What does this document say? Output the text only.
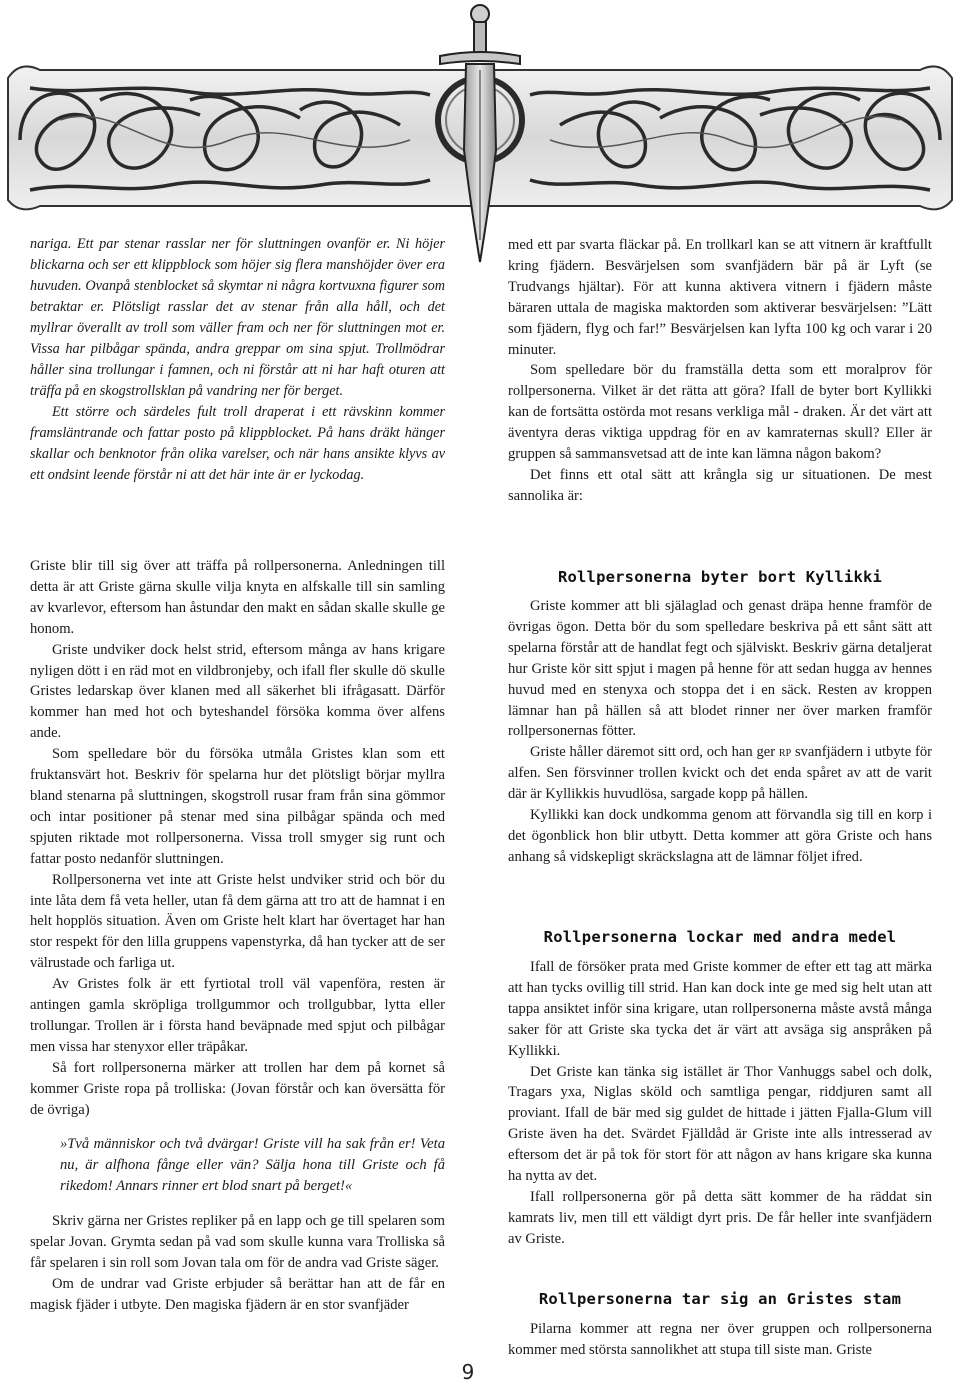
nariga. Ett par stenar rasslar ner för sluttningen ovanför er. Ni höjer blickarna och ser ett klippblock som höjer sig flera manshöjder över era huvuden. Ovanpå stenblocket så skymtar ni några kortvuxna figurer som betraktar er. Plötsligt rasslar det av stenar från alla håll, och det myllrar överallt av troll som väller fram och ner för sluttningen mot er. Vissa har pilbågar spända, andra greppar om sina spjut. Trollmödrar håller sina trollungar i famnen, och ni förstår att ni har haft oturen att träffa på en skogstrollsklan på vandring ner för berget.

Ett större och särdeles fult troll draperat i ett rävskinn kommer framsläntrande och fattar posto på klippblocket. På hans dräkt hänger skallar och benknotor från olika varelser, och när hans ansikte klyvs av ett ondsint leende förstår ni att det här inte är er lyckodag.

Griste blir till sig över att träffa på rollpersonerna. Anledningen till detta är att Griste gärna skulle vilja knyta en alfskalle till sin samling av kvarlevor, eftersom han åstundar den makt en sådan skalle skulle ge honom.

Griste undviker dock helst strid, eftersom många av hans krigare nyligen dött i en räd mot en vildbronjeby, och ifall fler skulle dö skulle Gristes ledarskap över klanen med all säkerhet bli ifrågasatt. Därför kommer han med hot och byteshandel försöka komma över alfens ande.

Som spelledare bör du försöka utmåla Gristes klan som ett fruktansvärt hot. Beskriv för spelarna hur det plötsligt börjar myllra bland stenarna på sluttningen, skogstroll rusar fram från sina gömmor och intar positioner på stenar med sina pilbågar spända och med spjuten riktade mot rollpersonerna. Vissa troll smyger sig runt och fattar posto nedanför sluttningen.

Rollpersonerna vet inte att Griste helst undviker strid och bör du inte låta dem få veta heller, utan få dem gärna att tro att de hamnat i en helt hopplös situation. Även om Griste helt klart har övertaget har han stor respekt för den lilla gruppens vapenstyrka, då han tycker att de ser välrustade och farliga ut.

Av Gristes folk är ett fyrtiotal troll väl vapenföra, resten är antingen gamla skröpliga trollgummor och trollgubbar, lytta eller trollungar. Trollen är i första hand beväpnade med spjut och pilbågar men vissa har stenyxor eller träpåkar.

Så fort rollpersonerna märker att trollen har dem på kornet så kommer Griste ropa på trolliska: (Jovan förstår och kan översätta för de övriga)

»Två människor och två dvärgar! Griste vill ha sak från er! Veta nu, är alfhona fånge eller vän? Sälja hona till Griste och få rikedom! Annars rinner ert blod snart på berget!«

Skriv gärna ner Gristes repliker på en lapp och ge till spelaren som spelar Jovan. Grymta sedan på vad som skulle kunna vara Trolliska så får spelaren i sin roll som Jovan tala om för de andra vad Griste säger.

Om de undrar vad Griste erbjuder så berättar han att de får en magisk fjäder i utbyte. Den magiska fjädern är en stor svanfjäder

med ett par svarta fläckar på. En trollkarl kan se att vitnern är kraftfullt kring fjädern. Besvärjelsen som svanfjädern bär på är Lyft (se Trudvangs hjältar). För att kunna aktivera vitnern i fjädern måste bäraren uttala de magiska maktorden som aktiverar besvärjelsen: ”Lätt som fjädern, flyg och far!” Besvärjelsen kan lyfta 100 kg och varar i 20 minuter.

Som spelledare bör du framställa detta som ett moralprov för rollpersonerna. Vilket är det rätta att göra? Ifall de byter bort Kyllikki kan de fortsätta ostörda mot resans verkliga mål - draken. Är det värt att äventyra deras viktiga uppdrag för en av kamraternas skull? Eller är gruppen så sammansvetsad att de inte kan lämna någon bakom?

Det finns ett otal sätt att krångla sig ur situationen. De mest sannolika är:

Rollpersonerna byter bort Kyllikki

Griste kommer att bli själaglad och genast dräpa henne framför de övrigas ögon. Detta bör du som spelledare beskriva på ett sånt sätt att spelarna förstår att de handlat fegt och själviskt. Beskriv gärna detaljerat hur Griste kör sitt spjut i magen på henne för att sedan hugga av hennes huvud med en stenyxa och stoppa det i en säck. Resten av kroppen lämnar han på hällen så att blodet rinner ner över marken framför rollpersonernas fötter.

Griste håller däremot sitt ord, och han ger rp svanfjädern i utbyte för alfen. Sen försvinner trollen kvickt och det enda spåret av att de varit där är Kyllikkis huvudlösa, sargade kopp på hällen.

Kyllikki kan dock undkomma genom att förvandla sig till en korp i det ögonblick hon blir utbytt. Detta kommer att göra Griste och hans anhang så vidskepligt skräckslagna att de lämnar följet ifred.

Rollpersonerna lockar med andra medel

Ifall de försöker prata med Griste kommer de efter ett tag att märka att han tycks ovillig till strid. Han kan dock inte ge med sig helt utan att tappa ansiktet inför sina krigare, utan rollpersonerna måste avstå många saker för att Griste ska tycka det är värt att avsäga sig anspråken på Kyllikki.

Det Griste kan tänka sig istället är Thor Vanhuggs sabel och dolk, Tragars yxa, Niglas sköld och samtliga pengar, riddjuren samt all proviant. Ifall de bär med sig guldet de hittade i jätten Fjalla-Glum vill Griste även ha det. Svärdet Fjälldåd är Griste inte alls intresserad av eftersom det är på tok för stort för att någon av hans krigare ska kunna ha nytta av det.

Ifall rollpersonerna gör på detta sätt kommer de ha räddat sin kamrats liv, men till ett väldigt dyrt pris. De får heller inte svanfjädern av Griste.

Rollpersonerna tar sig an Gristes stam

Pilarna kommer att regna ner över gruppen och rollpersonerna kommer med största sannolikhet att stupa till siste man. Griste

9
